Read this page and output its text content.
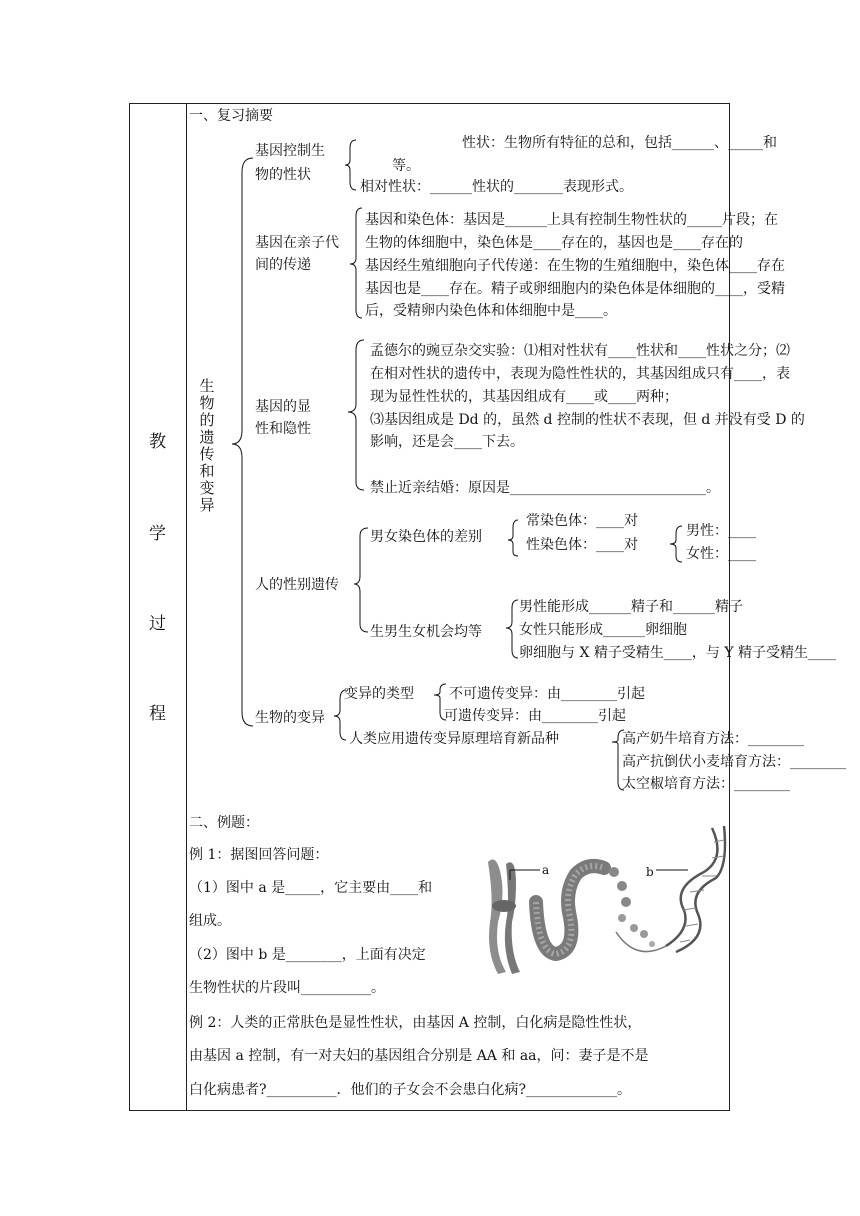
教
学
过
程
一、复习摘要
生
物
的
遗
传
和
变
异
基因控制生
物的性状
性状：生物所有特征的总和，包括______、_____和
等。
相对性状：______性状的_______表现形式。
基因在亲子代
间的传递
基因和染色体：基因是______上具有控制生物性状的_____片段；在
生物的体细胞中，染色体是____存在的，基因也是____存在的
基因经生殖细胞向子代传递：在生物的生殖细胞中，染色体____存在
基因也是____存在。精子或卵细胞内的染色体是体细胞的____，受精
后，受精卵内染色体和体细胞中是____。
基因的显
性和隐性
孟德尔的豌豆杂交实验：⑴相对性状有____性状和____性状之分；⑵
在相对性状的遗传中，表现为隐性性状的，其基因组成只有____，表
现为显性性状的，其基因组成有____或____两种；
⑶基因组成是 Dd 的，虽然 d 控制的性状不表现，但 d 并没有受 D 的
影响，还是会____下去。
禁止近亲结婚：原因是____________________________。
人的性别遗传
男女染色体的差别
常染色体：____对
性染色体：____对
男性：____
女性：____
生男生女机会均等
男性能形成______精子和______精子
女性只能形成______卵细胞
卵细胞与 X 精子受精生____，与 Y 精子受精生____
生物的变异
变异的类型	不可遗传变异：由________引起
可遗传变异：由________引起
人类应用遗传变异原理培育新品种	高产奶牛培育方法：________
高产抗倒伏小麦培育方法：________
太空椒培育方法：________
二、例题：
例 1：据图回答问题：
（1）图中 a 是_____，它主要由____和
组成。
（2）图中 b 是________，上面有决定
生物性状的片段叫__________。
例 2：人类的正常肤色是显性性状，由基因 A 控制，白化病是隐性性状，
由基因 a 控制，有一对夫妇的基因组合分别是 AA 和 aa，问：妻子是不是
白化病患者?__________．他们的子女会不会患白化病?_____________。
a	b
